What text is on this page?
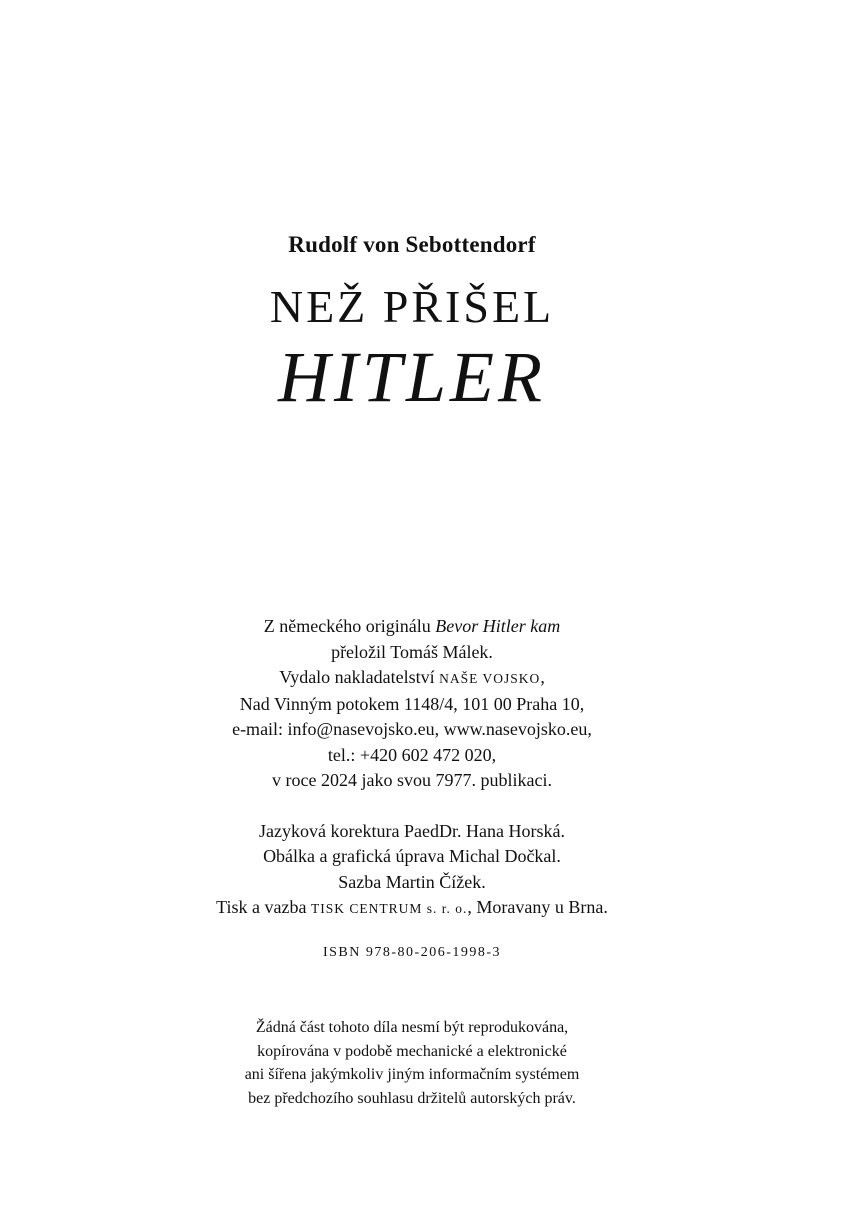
Rudolf von Sebottendorf
NEŽ PŘIŠEL
HITLER
Z německého originálu Bevor Hitler kam
přeložil Tomáš Málek.
Vydalo nakladatelství NAŠE VOJSKO,
Nad Vinným potokem 1148/4, 101 00 Praha 10,
e-mail: info@nasevojsko.eu, www.nasevojsko.eu,
tel.: +420 602 472 020,
v roce 2024 jako svou 7977. publikaci.
Jazyková korektura PaedDr. Hana Horská.
Obálka a grafická úprava Michal Dočkal.
Sazba Martin Čížek.
Tisk a vazba TISK CENTRUM s. r. o., Moravany u Brna.
ISBN 978-80-206-1998-3
Žádná část tohoto díla nesmí být reprodukována,
kopírována v podobě mechanické a elektronické
ani šířena jakýmkoliv jiným informačním systémem
bez předchozího souhlasu držitelů autorských práv.
